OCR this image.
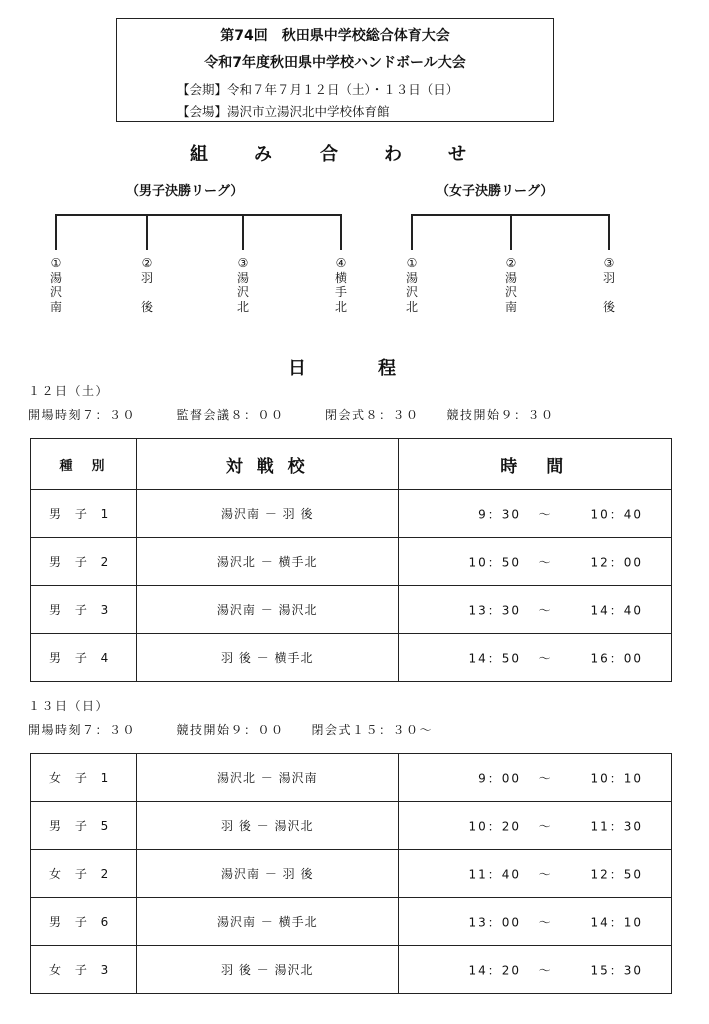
第74回　秋田県中学校総合体育大会
令和7年度秋田県中学校ハンドボール大会
【会期】令和７年７月１２日（土）・１３日（日）
【会場】湯沢市立湯沢北中学校体育館
組	み	合	わ	せ
（男子決勝リーグ）
①
湯
沢
南
②
羽
後
③
湯
沢
北
④
横
手
北
（女子決勝リーグ）
①
湯
沢
北
②
湯
沢
南
③
羽
後
日	程
１２日（土）
開場時刻７：３０　　　監督会議８：００　　　閉会式８：３０　　競技開始９：３０
種　別	対 戦 校	時　間
男 子 1	湯沢南 － 羽 後	9：30 ～ 10：40

男 子 2	湯沢北 － 横手北	10：50 ～ 12：00

男 子 3	湯沢南 － 湯沢北	13：30 ～ 14：40

男 子 4	羽 後 － 横手北	14：50 ～ 16：00
１３日（日）
開場時刻７：３０　　　競技開始９：００　　閉会式１５：３０～
女 子 1	湯沢北 － 湯沢南	9：00 ～ 10：10

男 子 5	羽 後 － 湯沢北	10：20 ～ 11：30

女 子 2	湯沢南 － 羽 後	11：40 ～ 12：50

男 子 6	湯沢南 － 横手北	13：00 ～ 14：10

女 子 3	羽 後 － 湯沢北	14：20 ～ 15：30
